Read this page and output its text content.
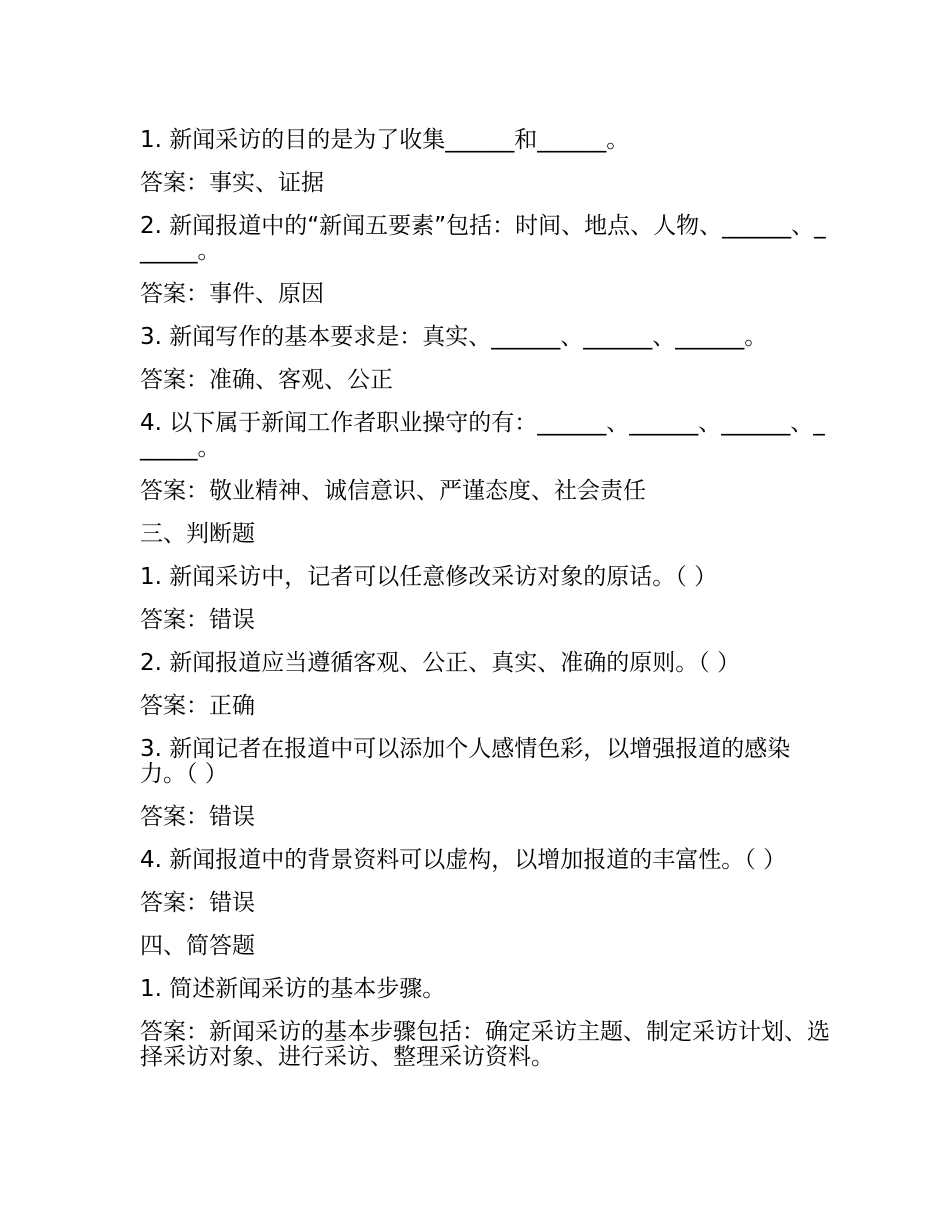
1. 新闻采访的目的是为了收集______和______。

答案：事实、证据

2. 新闻报道中的“新闻五要素”包括：时间、地点、人物、______、______。

答案：事件、原因

3. 新闻写作的基本要求是：真实、______、______、______。

答案：准确、客观、公正

4. 以下属于新闻工作者职业操守的有：______、______、______、______。

答案：敬业精神、诚信意识、严谨态度、社会责任

三、判断题

1. 新闻采访中，记者可以任意修改采访对象的原话。（ ）

答案：错误

2. 新闻报道应当遵循客观、公正、真实、准确的原则。（ ）

答案：正确

3. 新闻记者在报道中可以添加个人感情色彩，以增强报道的感染力。（ ）

答案：错误

4. 新闻报道中的背景资料可以虚构，以增加报道的丰富性。（ ）

答案：错误

四、简答题

1. 简述新闻采访的基本步骤。

答案：新闻采访的基本步骤包括：确定采访主题、制定采访计划、选择采访对象、进行采访、整理采访资料。
